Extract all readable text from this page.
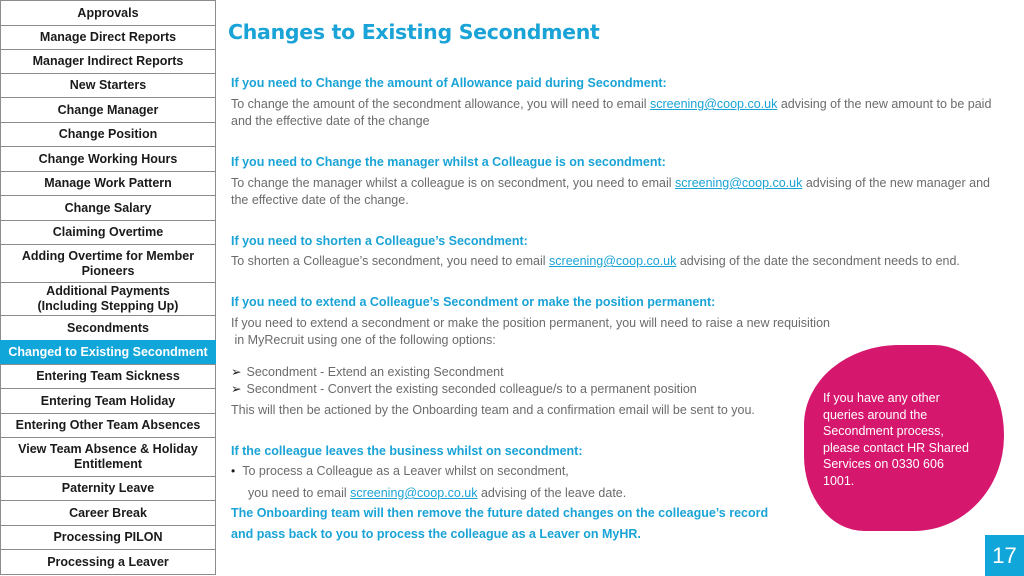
Approvals
Manage Direct Reports
Manager Indirect Reports
New Starters
Change Manager
Change Position
Change Working Hours
Manage Work Pattern
Change Salary
Claiming Overtime
Adding Overtime for Member Pioneers
Additional Payments (Including Stepping Up)
Secondments
Changed to Existing Secondment
Entering Team Sickness
Entering Team Holiday
Entering Other Team Absences
View Team Absence & Holiday Entitlement
Paternity Leave
Career Break
Processing PILON
Processing a Leaver
Changes to Existing Secondment
If you need to Change the amount of Allowance paid during Secondment:
To change the amount of the secondment allowance, you will need to email screening@coop.co.uk advising of the new amount to be paid and the effective date of the change
If you need to Change the manager whilst a Colleague is on secondment:
To change the manager whilst a colleague is on secondment, you need to email screening@coop.co.uk advising of the new manager and the effective date of the change.
If you need to shorten a Colleague’s Secondment:
To shorten a Colleague’s secondment, you need to email screening@coop.co.uk advising of the date the secondment needs to end.
If you need to extend a Colleague’s Secondment or make the position permanent:
If you need to extend a secondment or make the position permanent, you will need to raise a new requisition
in MyRecruit using one of the following options:
➢ Secondment - Extend an existing Secondment
➢ Secondment - Convert the existing seconded colleague/s to a permanent position
This will then be actioned by the Onboarding team and a confirmation email will be sent to you.
If the colleague leaves the business whilst on secondment:
• To process a Colleague as a Leaver whilst on secondment,
you need to email screening@coop.co.uk advising of the leave date.
The Onboarding team will then remove the future dated changes on the colleague’s record and pass back to you to process the colleague as a Leaver on MyHR.
If you have any other queries around the Secondment process, please contact HR Shared Services on 0330 606 1001.
17
